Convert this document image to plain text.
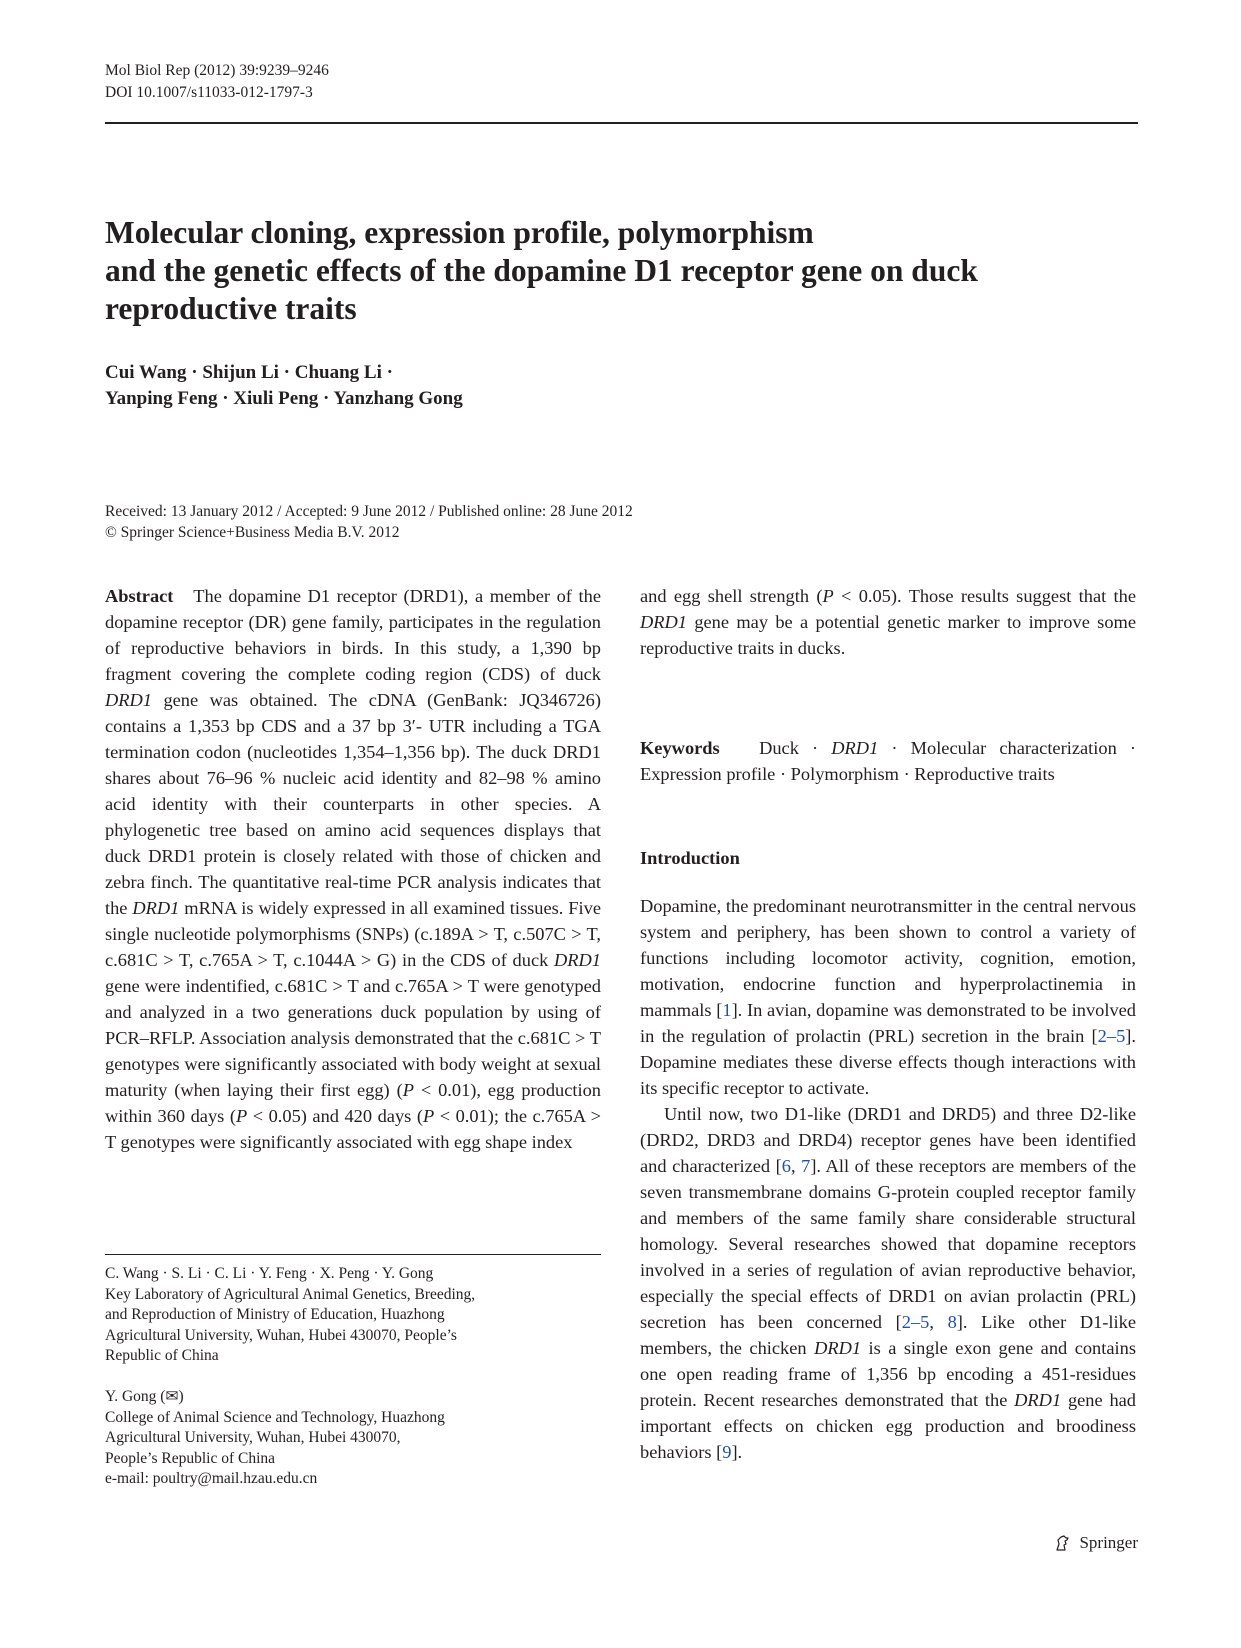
Mol Biol Rep (2012) 39:9239–9246
DOI 10.1007/s11033-012-1797-3
Molecular cloning, expression profile, polymorphism
and the genetic effects of the dopamine D1 receptor gene on duck
reproductive traits
Cui Wang · Shijun Li · Chuang Li ·
Yanping Feng · Xiuli Peng · Yanzhang Gong
Received: 13 January 2012 / Accepted: 9 June 2012 / Published online: 28 June 2012
© Springer Science+Business Media B.V. 2012

Abstract The dopamine D1 receptor (DRD1), a member of the dopamine receptor (DR) gene family, participates in the regulation of reproductive behaviors in birds. In this study, a 1,390 bp fragment covering the complete coding region (CDS) of duck DRD1 gene was obtained. The cDNA (GenBank: JQ346726) contains a 1,353 bp CDS and a 37 bp 3′- UTR including a TGA termination codon (nucleotides 1,354–1,356 bp). The duck DRD1 shares about 76–96 % nucleic acid identity and 82–98 % amino acid identity with their counterparts in other species. A phylogenetic tree based on amino acid sequences displays that duck DRD1 protein is closely related with those of chicken and zebra finch. The quantitative real-time PCR analysis indicates that the DRD1 mRNA is widely expressed in all examined tissues. Five single nucleotide polymorphisms (SNPs) (c.189A > T, c.507C > T, c.681C > T, c.765A > T, c.1044A > G) in the CDS of duck DRD1 gene were indentified, c.681C > T and c.765A > T were genotyped and analyzed in a two generations duck population by using of PCR–RFLP. Association analysis demonstrated that the c.681C > T genotypes were significantly associated with body weight at sexual maturity (when laying their first egg) (P < 0.01), egg production within 360 days (P < 0.05) and 420 days (P < 0.01); the c.765A > T genotypes were significantly associated with egg shape index

C. Wang · S. Li · C. Li · Y. Feng · X. Peng · Y. Gong
Key Laboratory of Agricultural Animal Genetics, Breeding,
and Reproduction of Ministry of Education, Huazhong
Agricultural University, Wuhan, Hubei 430070, People’s
Republic of China
Y. Gong (✉)
College of Animal Science and Technology, Huazhong
Agricultural University, Wuhan, Hubei 430070,
People’s Republic of China
e-mail: poultry@mail.hzau.edu.cn

and egg shell strength (P < 0.05). Those results suggest that the DRD1 gene may be a potential genetic marker to improve some reproductive traits in ducks.

Keywords Duck · DRD1 · Molecular characterization · Expression profile · Polymorphism · Reproductive traits

Introduction

Dopamine, the predominant neurotransmitter in the central nervous system and periphery, has been shown to control a variety of functions including locomotor activity, cognition, emotion, motivation, endocrine function and hyperprolactinemia in mammals [1]. In avian, dopamine was demonstrated to be involved in the regulation of prolactin (PRL) secretion in the brain [2–5]. Dopamine mediates these diverse effects though interactions with its specific receptor to activate.

Until now, two D1-like (DRD1 and DRD5) and three D2-like (DRD2, DRD3 and DRD4) receptor genes have been identified and characterized [6, 7]. All of these receptors are members of the seven transmembrane domains G-protein coupled receptor family and members of the same family share considerable structural homology. Several researches showed that dopamine receptors involved in a series of regulation of avian reproductive behavior, especially the special effects of DRD1 on avian prolactin (PRL) secretion has been concerned [2–5, 8]. Like other D1-like members, the chicken DRD1 is a single exon gene and contains one open reading frame of 1,356 bp encoding a 451-residues protein. Recent researches demonstrated that the DRD1 gene had important effects on chicken egg production and broodiness behaviors [9].

Springer
